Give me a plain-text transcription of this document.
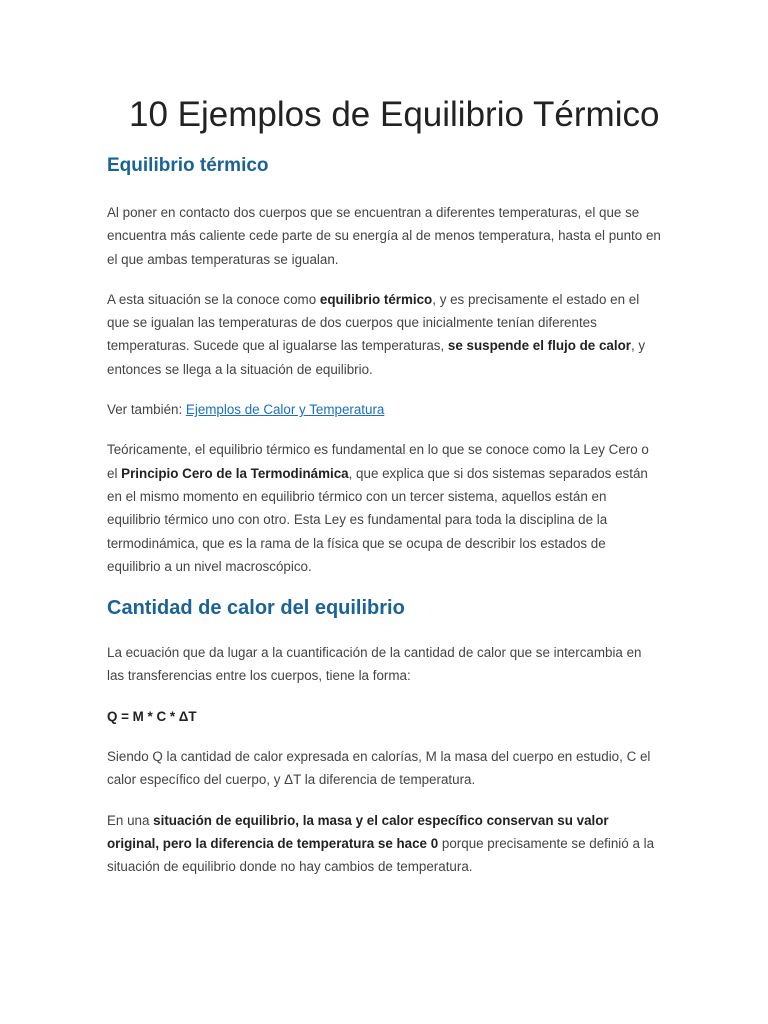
10 Ejemplos de Equilibrio Térmico
Equilibrio térmico

Al poner en contacto dos cuerpos que se encuentran a diferentes temperaturas, el que se encuentra más caliente cede parte de su energía al de menos temperatura, hasta el punto en el que ambas temperaturas se igualan.

A esta situación se la conoce como equilibrio térmico, y es precisamente el estado en el que se igualan las temperaturas de dos cuerpos que inicialmente tenían diferentes temperaturas. Sucede que al igualarse las temperaturas, se suspende el flujo de calor, y entonces se llega a la situación de equilibrio.

Ver también: Ejemplos de Calor y Temperatura

Teóricamente, el equilibrio térmico es fundamental en lo que se conoce como la Ley Cero o el Principio Cero de la Termodinámica, que explica que si dos sistemas separados están en el mismo momento en equilibrio térmico con un tercer sistema, aquellos están en equilibrio térmico uno con otro. Esta Ley es fundamental para toda la disciplina de la termodinámica, que es la rama de la física que se ocupa de describir los estados de equilibrio a un nivel macroscópico.

Cantidad de calor del equilibrio

La ecuación que da lugar a la cuantificación de la cantidad de calor que se intercambia en las transferencias entre los cuerpos, tiene la forma:

Q = M * C * ΔT

Siendo Q la cantidad de calor expresada en calorías, M la masa del cuerpo en estudio, C el calor específico del cuerpo, y ΔT la diferencia de temperatura.

En una situación de equilibrio, la masa y el calor específico conservan su valor original, pero la diferencia de temperatura se hace 0 porque precisamente se definió a la situación de equilibrio donde no hay cambios de temperatura.
